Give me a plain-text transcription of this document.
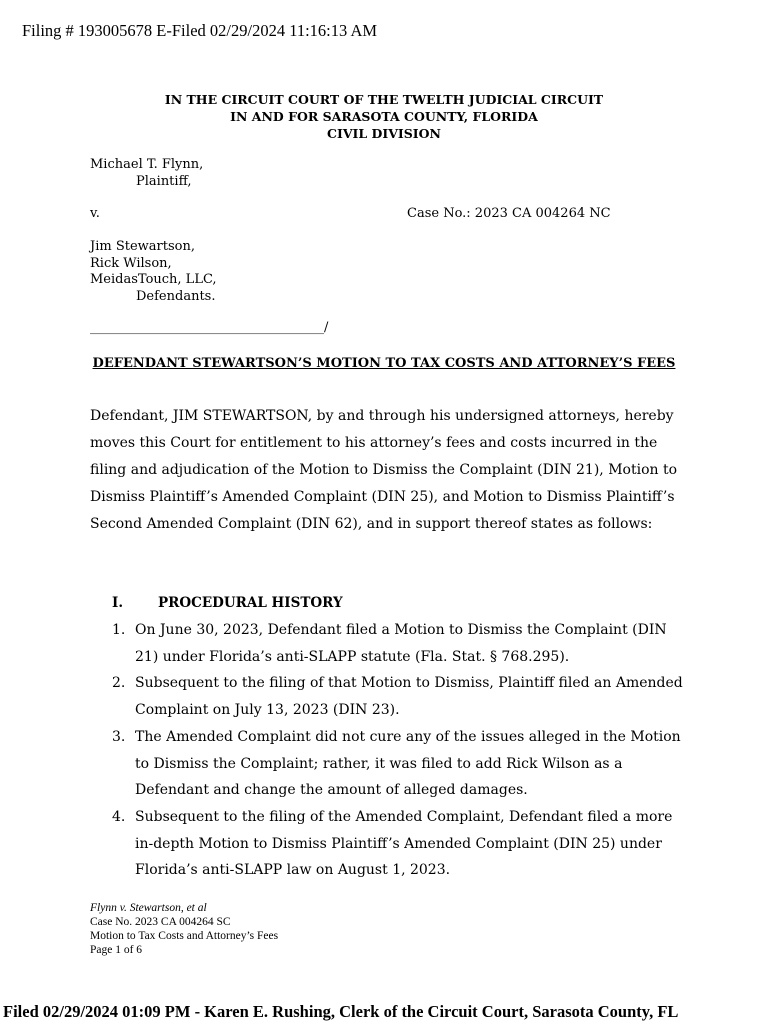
Filing # 193005678 E-Filed 02/29/2024 11:16:13 AM
IN THE CIRCUIT COURT OF THE TWELTH JUDICIAL CIRCUIT
IN AND FOR SARASOTA COUNTY, FLORIDA
CIVIL DIVISION
Michael T. Flynn,
Plaintiff,
v.	Case No.: 2023 CA 004264 NC
Jim Stewartson,
Rick Wilson,
MeidasTouch, LLC,
Defendants.
____________________________________/
DEFENDANT STEWARTSON’S MOTION TO TAX COSTS AND ATTORNEY’S FEES

Defendant, JIM STEWARTSON, by and through his undersigned attorneys, hereby moves this Court for entitlement to his attorney’s fees and costs incurred in the filing and adjudication of the Motion to Dismiss the Complaint (DIN 21), Motion to Dismiss Plaintiff’s Amended Complaint (DIN 25), and Motion to Dismiss Plaintiff’s Second Amended Complaint (DIN 62), and in support thereof states as follows:

I.	PROCEDURAL HISTORY
1. On June 30, 2023, Defendant filed a Motion to Dismiss the Complaint (DIN 21) under Florida’s anti-SLAPP statute (Fla. Stat. § 768.295).
2. Subsequent to the filing of that Motion to Dismiss, Plaintiff filed an Amended Complaint on July 13, 2023 (DIN 23).
3. The Amended Complaint did not cure any of the issues alleged in the Motion to Dismiss the Complaint; rather, it was filed to add Rick Wilson as a Defendant and change the amount of alleged damages.
4. Subsequent to the filing of the Amended Complaint, Defendant filed a more in-depth Motion to Dismiss Plaintiff’s Amended Complaint (DIN 25) under Florida’s anti-SLAPP law on August 1, 2023.
Flynn v. Stewartson, et al
Case No. 2023 CA 004264 SC
Motion to Tax Costs and Attorney’s Fees
Page 1 of 6
Filed 02/29/2024 01:09 PM - Karen E. Rushing, Clerk of the Circuit Court, Sarasota County, FL
